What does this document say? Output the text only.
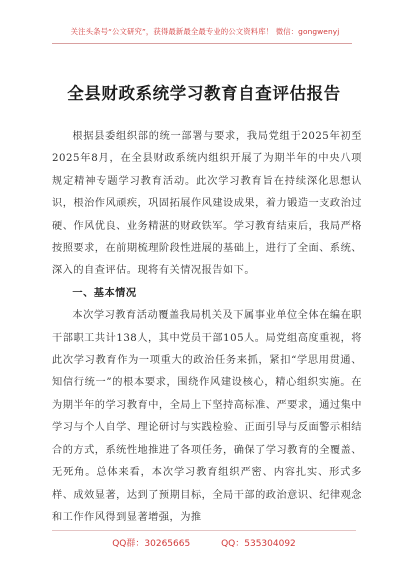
关注头条号“公文研究”，获得最新最全最专业的公文资料库！ 微信：gongwenyj
全县财政系统学习教育自查评估报告

根据县委组织部的统一部署与要求，我局党组于2025年初至2025年8月，在全县财政系统内组织开展了为期半年的中央八项规定精神专题学习教育活动。此次学习教育旨在持续深化思想认识，根治作风顽疾，巩固拓展作风建设成果，着力锻造一支政治过硬、作风优良、业务精湛的财政铁军。学习教育结束后，我局严格按照要求，在前期梳理阶段性进展的基础上，进行了全面、系统、深入的自查评估。现将有关情况报告如下。

一、基本情况

本次学习教育活动覆盖我局机关及下属事业单位全体在编在职干部职工共计138人，其中党员干部105人。局党组高度重视，将此次学习教育作为一项重大的政治任务来抓，紧扣“学思用贯通、知信行统一”的根本要求，围绕作风建设核心，精心组织实施。在为期半年的学习教育中，全局上下坚持高标准、严要求，通过集中学习与个人自学、理论研讨与实践检验、正面引导与反面警示相结合的方式，系统性地推进了各项任务，确保了学习教育的全覆盖、无死角。总体来看，本次学习教育组织严密、内容扎实、形式多样、成效显著，达到了预期目标，全局干部的政治意识、纪律观念和工作作风得到显著增强，为推

QQ群：30265665	QQ：535304092
